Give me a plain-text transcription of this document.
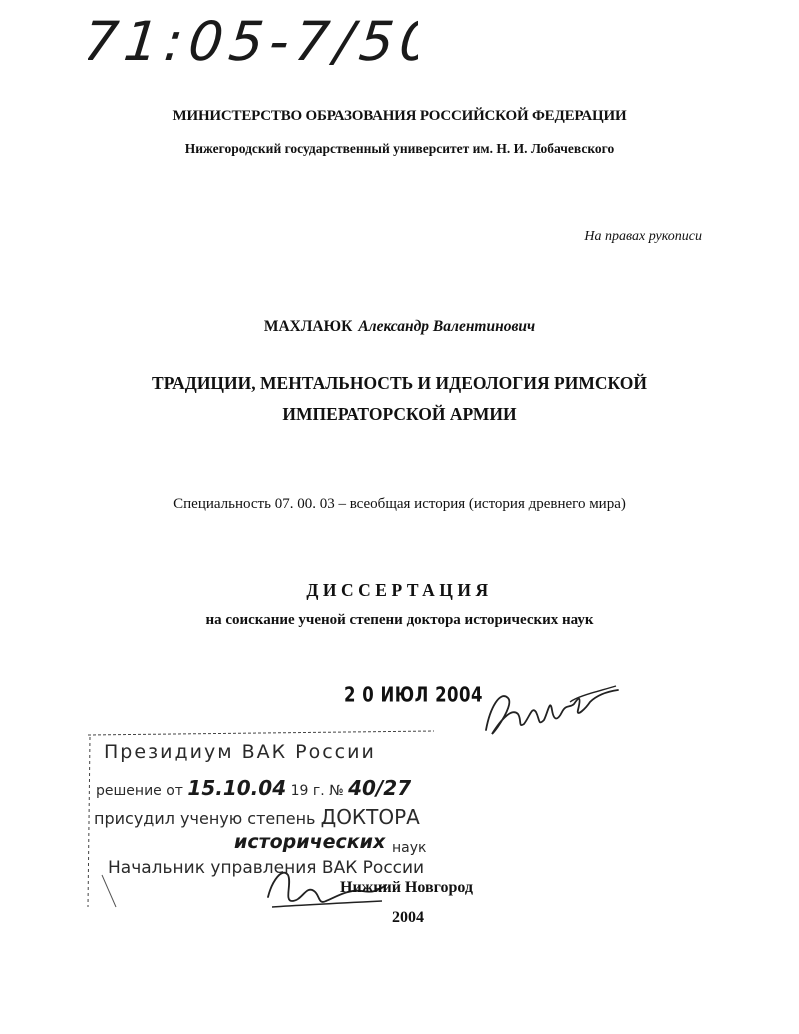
71:05-7/50
МИНИСТЕРСТВО ОБРАЗОВАНИЯ РОССИЙСКОЙ ФЕДЕРАЦИИ
Нижегородский государственный университет им. Н. И. Лобачевского
На правах рукописи
МАХЛАЮК Александр Валентинович
ТРАДИЦИИ, МЕНТАЛЬНОСТЬ И ИДЕОЛОГИЯ РИМСКОЙ
ИМПЕРАТОРСКОЙ АРМИИ
Специальность 07. 00. 03 – всеобщая история (история древнего мира)
ДИССЕРТАЦИЯ
на соискание ученой степени доктора исторических наук
2 0 ИЮЛ 2004
Президиум ВАК России
решение от 15.10.04 19 г. № 40/27
присудил ученую степень ДОКТОРА
исторических наук
Начальник управления ВАК России
Нижний Новгород
2004
